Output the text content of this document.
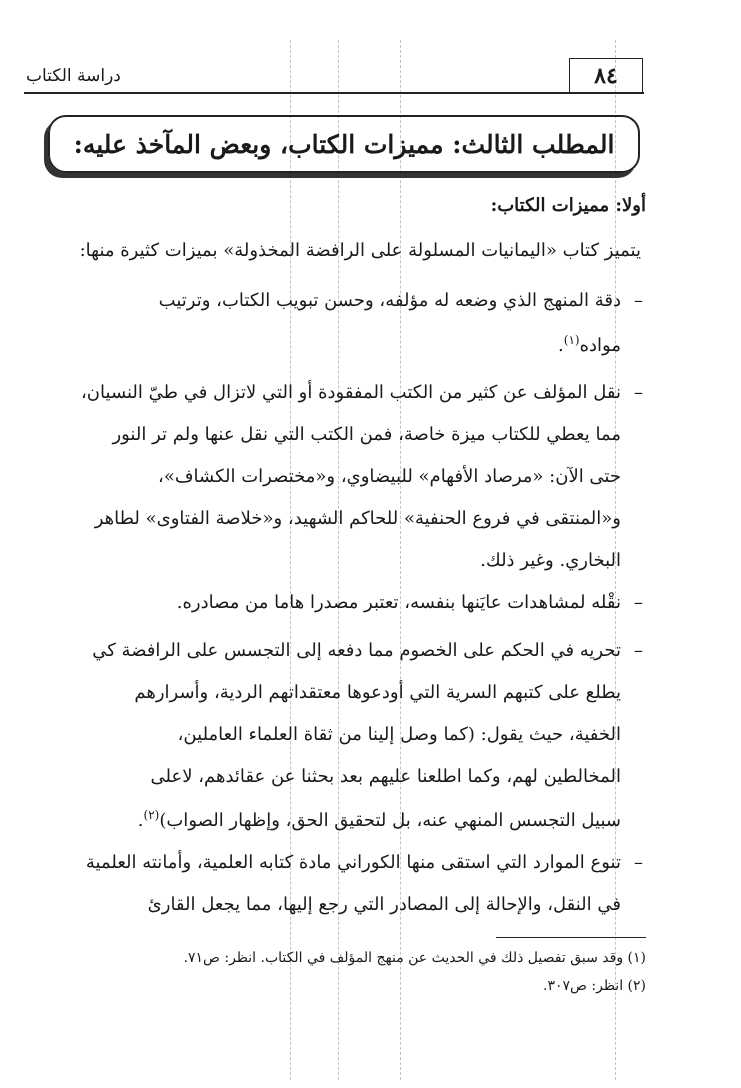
دراسة الكتاب	٨٤
المطلب الثالث: مميزات الكتاب، وبعض المآخذ عليه:
أولا: مميزات الكتاب:
يتميز كتاب «اليمانيات المسلولة على الرافضة المخذولة» بميزات كثيرة منها:
–
دقة المنهج الذي وضعه له مؤلفه، وحسن تبويب الكتاب، وترتيب
مواده$^{(١)}$.
–
نقل المؤلف عن كثير من الكتب المفقودة أو التي لاتزال في طيّ النسيان،
مما يعطي للكتاب ميزة خاصة، فمن الكتب التي نقل عنها ولم تر النور
حتى الآن: «مرصاد الأفهام» للبيضاوي، و«مختصرات الكشاف»،
و«المنتقى في فروع الحنفية» للحاكم الشهيد، و«خلاصة الفتاوى» لطاهر
البخاري. وغير ذلك.
–
نقْله لمشاهدات عايَنها بنفسه، تعتبر مصدرا هاما من مصادره.
–
تحريه في الحكم على الخصوم مما دفعه إلى التجسس على الرافضة كي
يطلع على كتبهم السرية التي أودعوها معتقداتهم الردية، وأسرارهم
الخفية، حيث يقول: (كما وصل إلينا من ثقاة العلماء العاملين،
المخالطين لهم، وكما اطلعنا عليهم بعد بحثنا عن عقائدهم، لاعلى
سبيل التجسس المنهي عنه، بل لتحقيق الحق، وإظهار الصواب)$^{(٢)}$.
–
تنوع الموارد التي استقى منها الكوراني مادة كتابه العلمية، وأمانته العلمية
في النقل، والإحالة إلى المصادر التي رجع إليها، مما يجعل القارئ
(١) وقد سبق تفصيل ذلك في الحديث عن منهج المؤلف في الكتاب. انظر: ص٧١.
(٢) انظر: ص٣٠٧.
